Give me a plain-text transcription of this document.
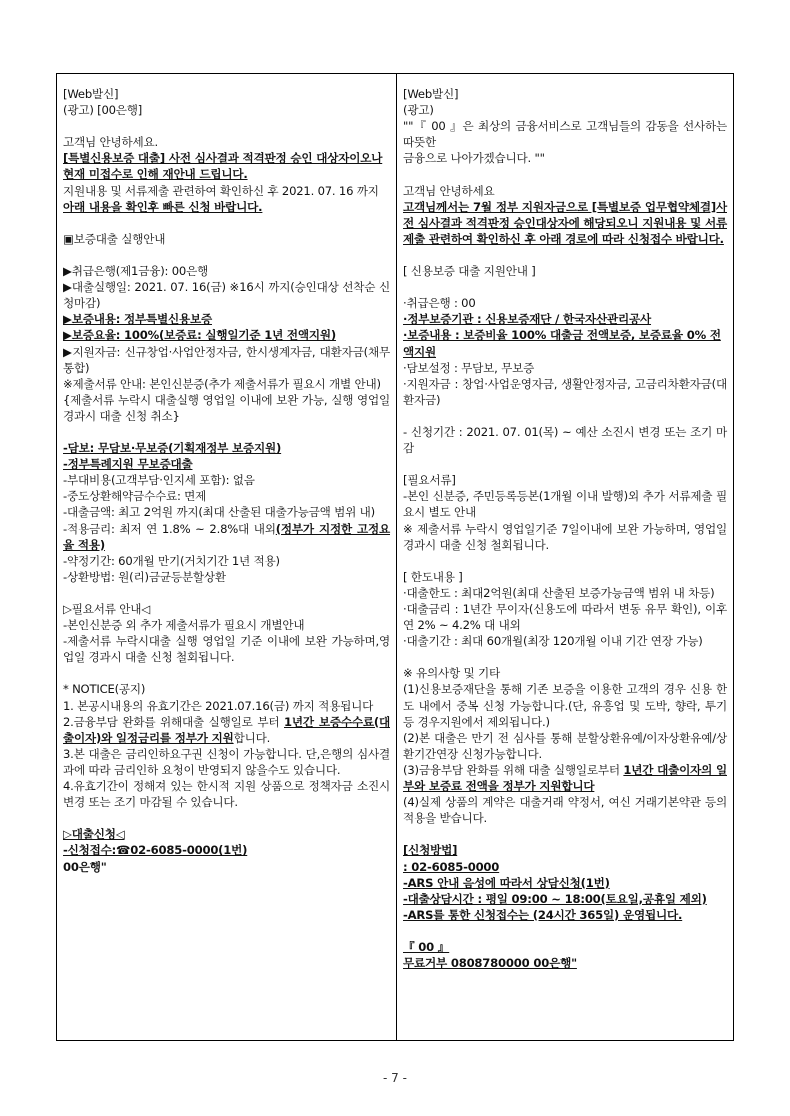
[Web발신]

(광고) [00은행]

고객님 안녕하세요.

[특별신용보증 대출] 사전 심사결과 적격판정 승인 대상자이오나 현재 미접수로 인해 재안내 드립니다.

지원내용 및 서류제출 관련하여 확인하신 후 2021. 07. 16 까지 아래 내용을 확인후 빠른 신청 바랍니다.

▣보증대출 실행안내

▶취급은행(제1금융): 00은행

▶대출실행일: 2021. 07. 16(금) ※16시 까지(승인대상 선착순 신청마감)

▶보증내용: 정부특별신용보증

▶보증요율: 100%(보증료: 실행일기준 1년 전액지원)

▶지원자금: 신규창업·사업안정자금, 한시생계자금, 대환자금(채무통합)

※제출서류 안내: 본인신분증(추가 제출서류가 필요시 개별 안내)

{제출서류 누락시 대출실행 영업일 이내에 보완 가능, 실행 영업일 경과시 대출 신청 취소}

-담보: 무담보·무보증(기획재정부 보증지원)

-정부특례지원 무보증대출

-부대비용(고객부담·인지세 포함): 없음

-중도상환해약금수수료: 면제

-대출금액: 최고 2억원 까지(최대 산출된 대출가능금액 범위 내)

-적용금리: 최저 연 1.8% ~ 2.8%대 내외(정부가 지정한 고정요율 적용)

-약정기간: 60개월 만기(거치기간 1년 적용)

-상환방법: 원(리)금균등분할상환

▷필요서류 안내◁

-본인신분증 외 추가 제출서류가 필요시 개별안내

-제출서류 누락시대출 실행 영업일 기준 이내에 보완 가능하며,영업일 경과시 대출 신청 철회됩니다.

* NOTICE(공지)

1. 본공시내용의 유효기간은 2021.07.16(금) 까지 적용됩니다

2.금융부담 완화를 위해대출 실행일로 부터 1년간 보증수수료(대출이자)와 일정금리를 정부가 지원합니다.

3.본 대출은 금리인하요구권 신청이 가능합니다. 단,은행의 심사결과에 따라 금리인하 요청이 반영되지 않을수도 있습니다.

4.유효기간이 정해져 있는 한시적 지원 상품으로 정책자금 소진시 변경 또는 조기 마감될 수 있습니다.

▷대출신청◁

-신청접수:☎02-6085-0000(1번)

00은행"

[Web발신]

(광고)

""『 00 』은 최상의 금융서비스로 고객님들의 감동을 선사하는 따뜻한

금융으로 나아가겠습니다. ""

고객님 안녕하세요

고객님께서는 7월 정부 지원자금으로 [특별보증 업무협약체결]사전 심사결과 적격판정 승인대상자에 해당되오니 지원내용 및 서류제출 관련하여 확인하신 후 아래 경로에 따라 신청접수 바랍니다.

[ 신용보증 대출 지원안내 ]

·취급은행 : 00

·정부보증기관 : 신용보증재단 / 한국자산관리공사

·보증내용 : 보증비율 100% 대출금 전액보증, 보증료율 0% 전액지원

·담보설정 : 무담보, 무보증

·지원자금 : 창업·사업운영자금, 생활안정자금, 고금리차환자금(대환자금)

- 신청기간 : 2021. 07. 01(목) ~ 예산 소진시 변경 또는 조기 마감

[필요서류]

-본인 신분증, 주민등록등본(1개월 이내 발행)외 추가 서류제출 필요시 별도 안내

※ 제출서류 누락시 영업일기준 7일이내에 보완 가능하며, 영업일 경과시 대출 신청 철회됩니다.

[ 한도내용 ]

·대출한도 : 최대2억원(최대 산출된 보증가능금액 범위 내 차등)

·대출금리 : 1년간 무이자(신용도에 따라서 변동 유무 확인), 이후 연 2% ~ 4.2% 대 내외

·대출기간 : 최대 60개월(최장 120개월 이내 기간 연장 가능)

※ 유의사항 및 기타

(1)신용보증재단을 통해 기존 보증을 이용한 고객의 경우 신용 한도 내에서 중복 신청 가능합니다.(단, 유흥업 및 도박, 향락, 투기 등 경우지원에서 제외됩니다.)

(2)본 대출은 만기 전 심사를 통해 분할상환유예/이자상환유예/상환기간연장 신청가능합니다.

(3)금융부담 완화를 위해 대출 실행일로부터 1년간 대출이자의 일부와 보증료 전액을 정부가 지원합니다

(4)실제 상품의 계약은 대출거래 약정서, 여신 거래기본약관 등의 적용을 받습니다.

[신청방법]

: 02-6085-0000

-ARS 안내 음성에 따라서 상담신청(1번)

-대출상담시간 : 평일 09:00 ~ 18:00(토요일,공휴일 제외)

-ARS를 통한 신청접수는 (24시간 365일) 운영됩니다.

『 00 』

무료거부 0808780000 00은행"

- 7 -
